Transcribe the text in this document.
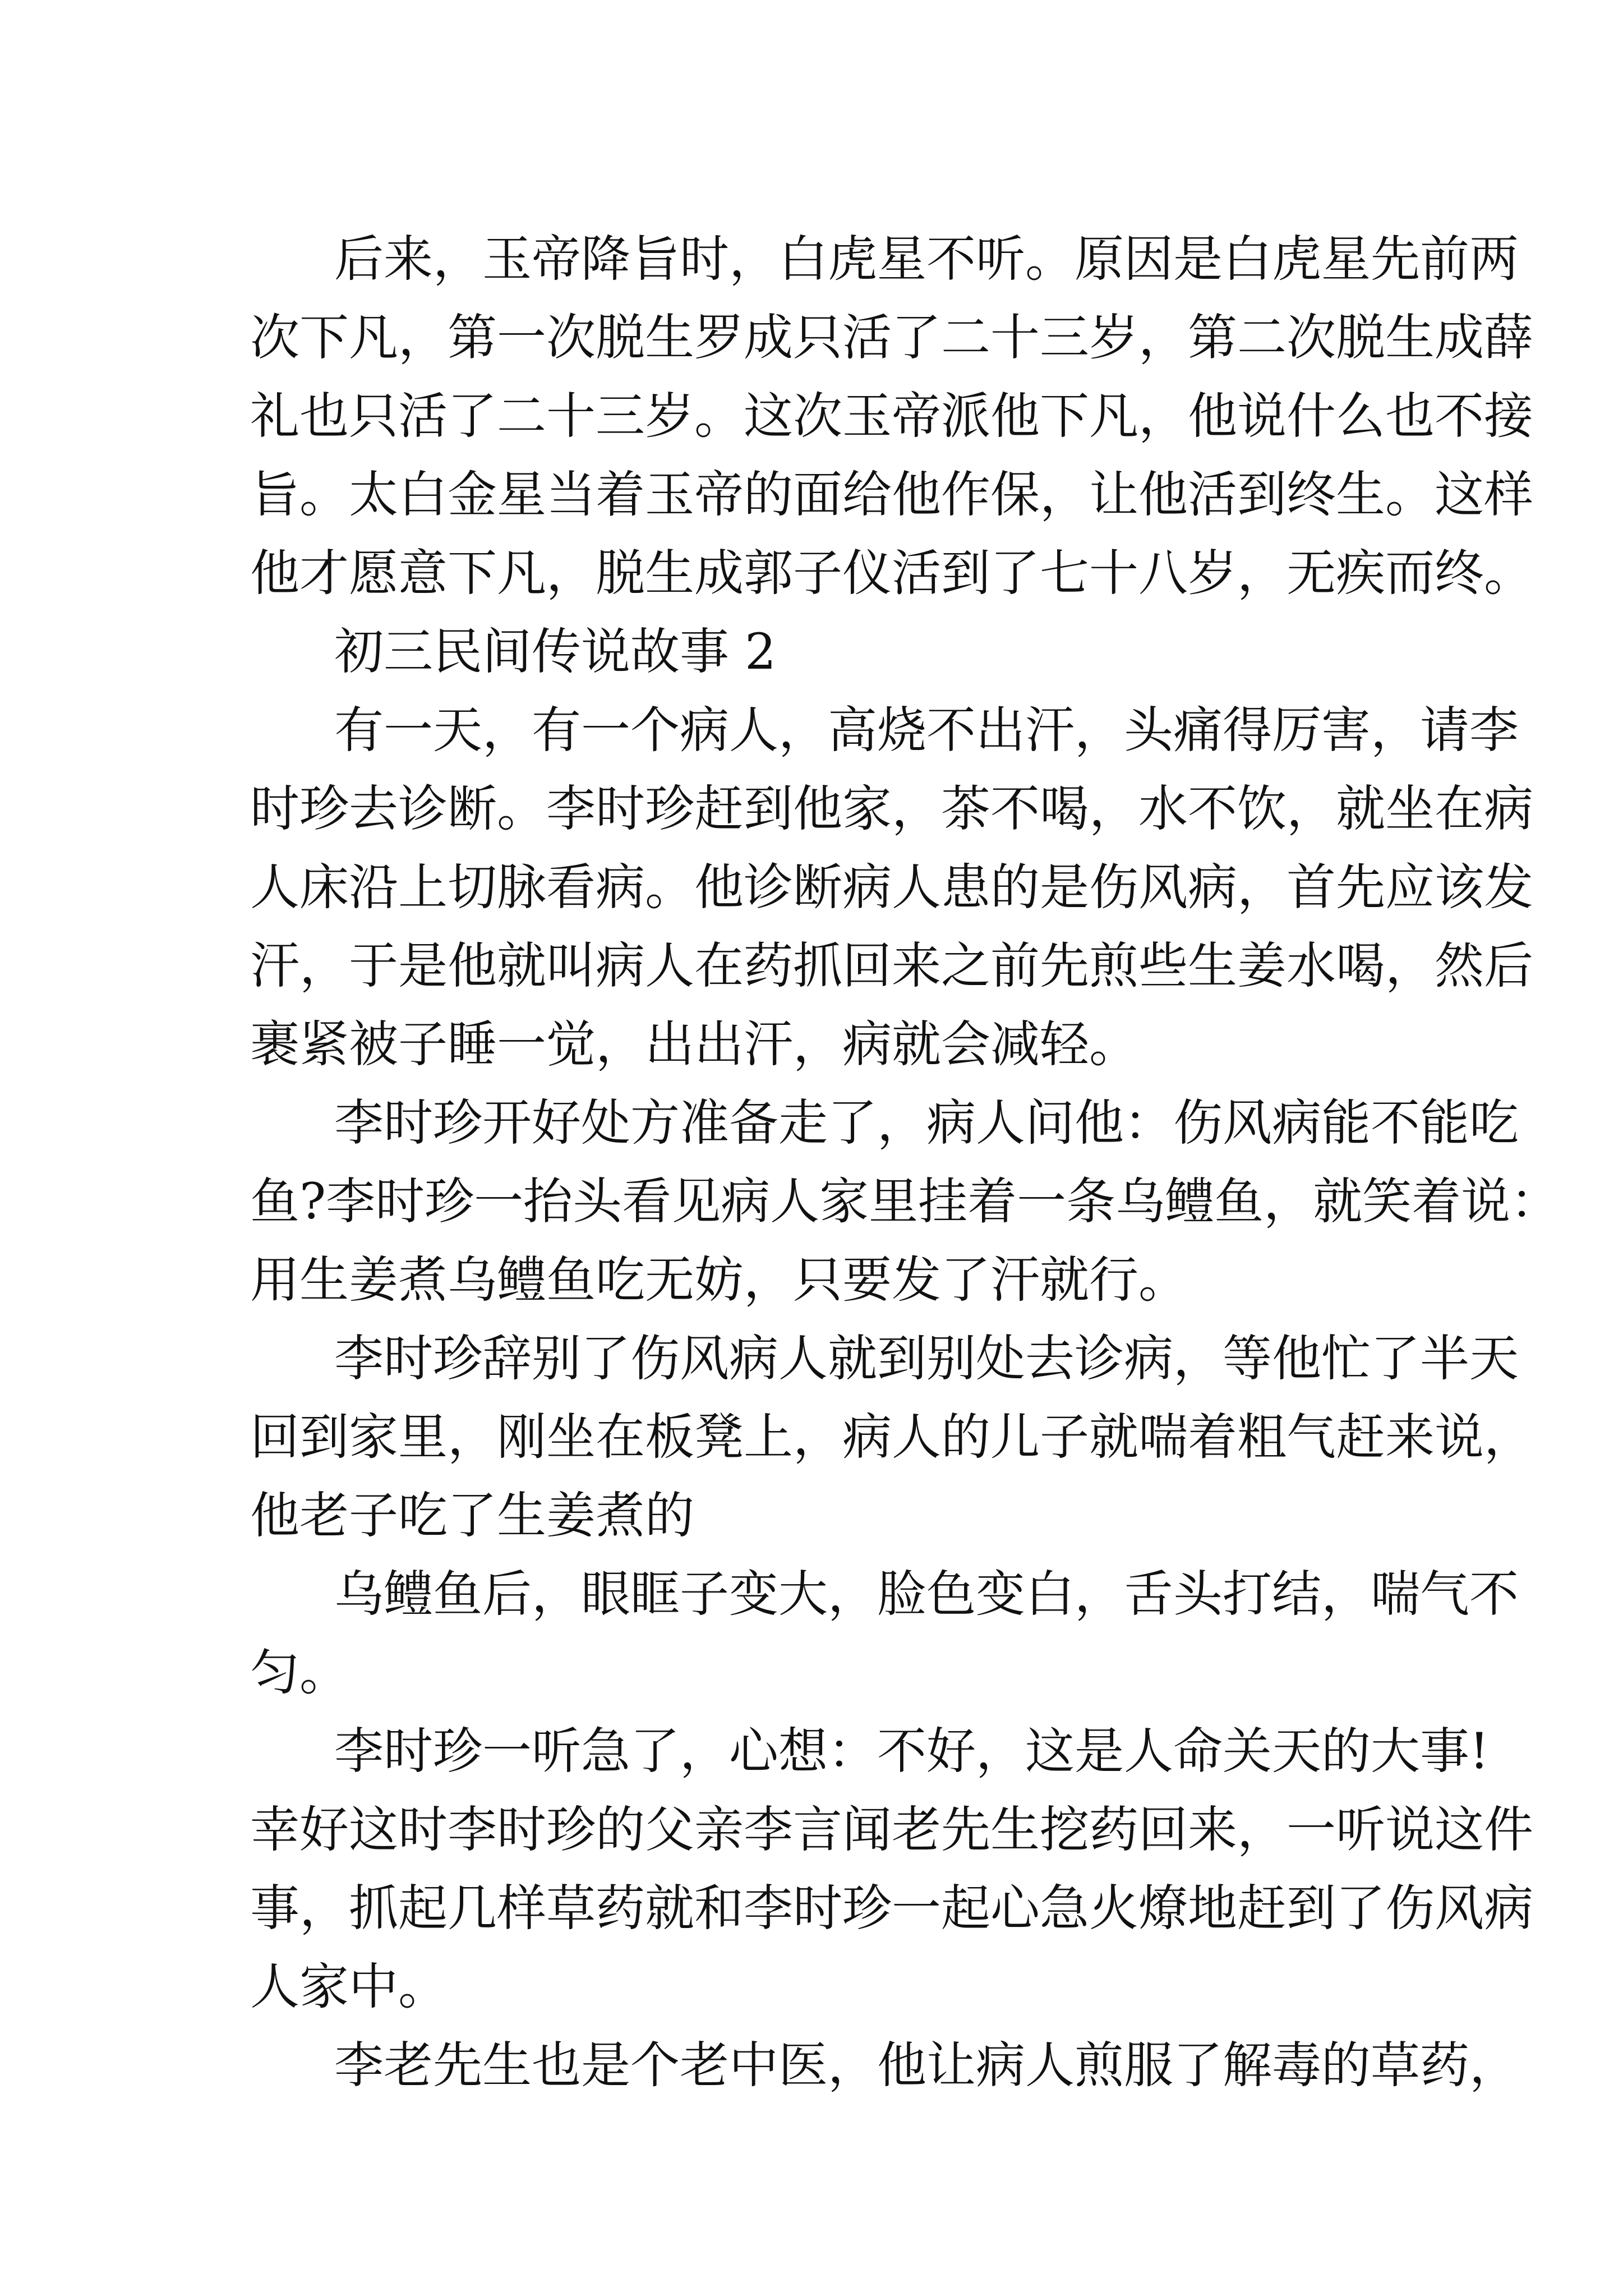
后来，玉帝降旨时，白虎星不听。原因是白虎星先前两
次下凡，第一次脱生罗成只活了二十三岁，第二次脱生成薛
礼也只活了二十三岁。这次玉帝派他下凡，他说什么也不接
旨。太白金星当着玉帝的面给他作保，让他活到终生。这样
他才愿意下凡，脱生成郭子仪活到了七十八岁，无疾而终。
初三民间传说故事 2
有一天，有一个病人，高烧不出汗，头痛得厉害，请李
时珍去诊断。李时珍赶到他家，茶不喝，水不饮，就坐在病
人床沿上切脉看病。他诊断病人患的是伤风病，首先应该发
汗，于是他就叫病人在药抓回来之前先煎些生姜水喝，然后
裹紧被子睡一觉，出出汗，病就会减轻。
李时珍开好处方准备走了，病人问他：伤风病能不能吃
鱼?李时珍一抬头看见病人家里挂着一条乌鳢鱼，就笑着说：
用生姜煮乌鳢鱼吃无妨，只要发了汗就行。
李时珍辞别了伤风病人就到别处去诊病，等他忙了半天
回到家里，刚坐在板凳上，病人的儿子就喘着粗气赶来说，
他老子吃了生姜煮的
乌鳢鱼后，眼眶子变大，脸色变白，舌头打结，喘气不
匀。
李时珍一听急了，心想：不好，这是人命关天的大事!
幸好这时李时珍的父亲李言闻老先生挖药回来，一听说这件
事，抓起几样草药就和李时珍一起心急火燎地赶到了伤风病
人家中。
李老先生也是个老中医，他让病人煎服了解毒的草药，
